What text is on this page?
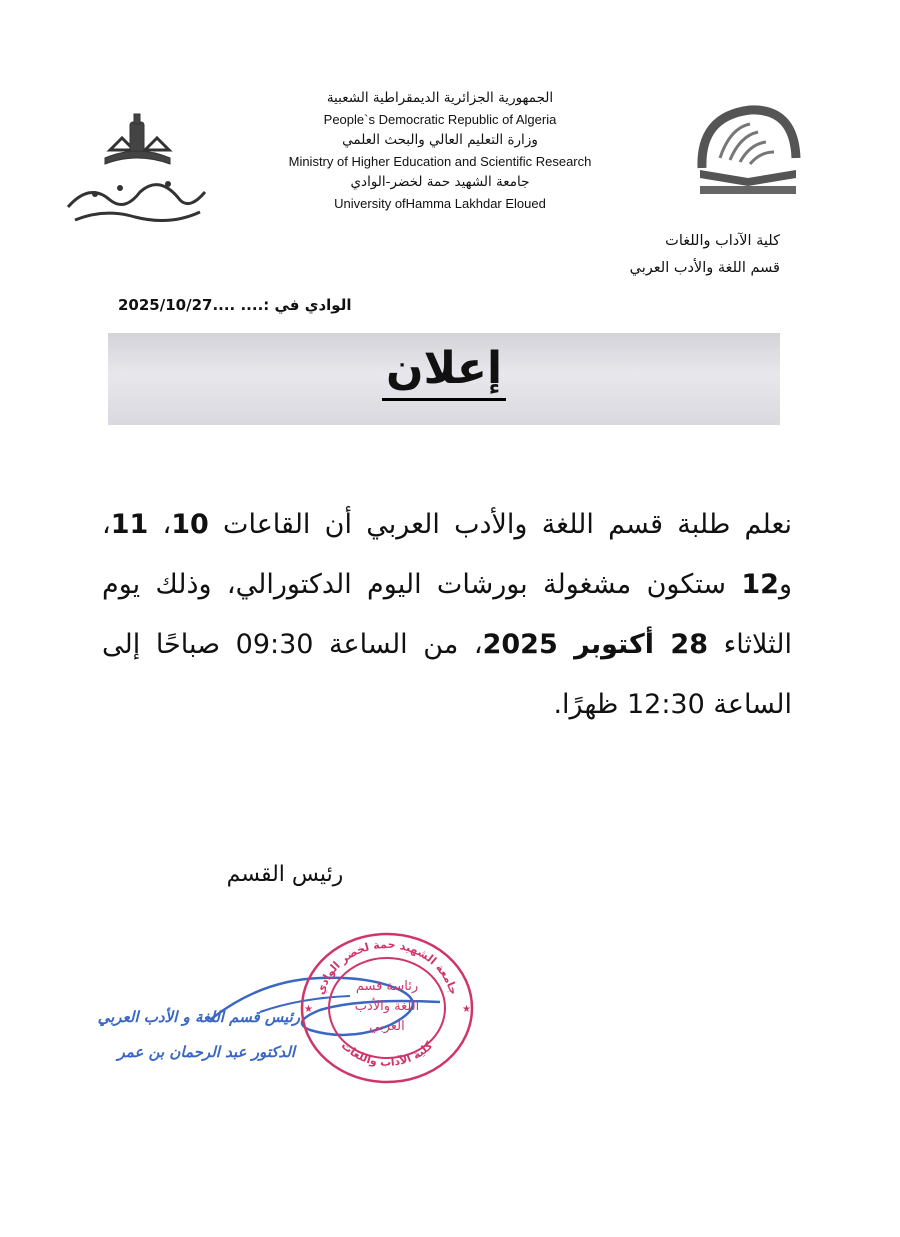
الجمهورية الجزائرية الديمقراطية الشعبية
People`s Democratic Republic of Algeria
وزارة التعليم العالي والبحث العلمي
Ministry of Higher Education and Scientific Research
جامعة الشهيد حمة لخضر-الوادي
University ofHamma Lakhdar Eloued
كلية الآداب واللغات
قسم اللغة والأدب العربي
2025/10/27.... الوادي في :....
إعلان
نعلم طلبة قسم اللغة والأدب العربي أن القاعات 10، 11، و12 ستكون مشغولة بورشات اليوم الدكتورالي، وذلك يوم الثلاثاء 28 أكتوبر 2025، من الساعة 09:30 صباحًا إلى الساعة 12:30 ظهرًا.
رئيس القسم
جامعة الشهيد حمة لخضر الوادي
كلية الآداب واللغات
رئاسة قسم
اللغة والأدب
العربي
★	★
رئيس قسم اللغة و الأدب العربي
الدكتور عبد الرحمان بن عمر
